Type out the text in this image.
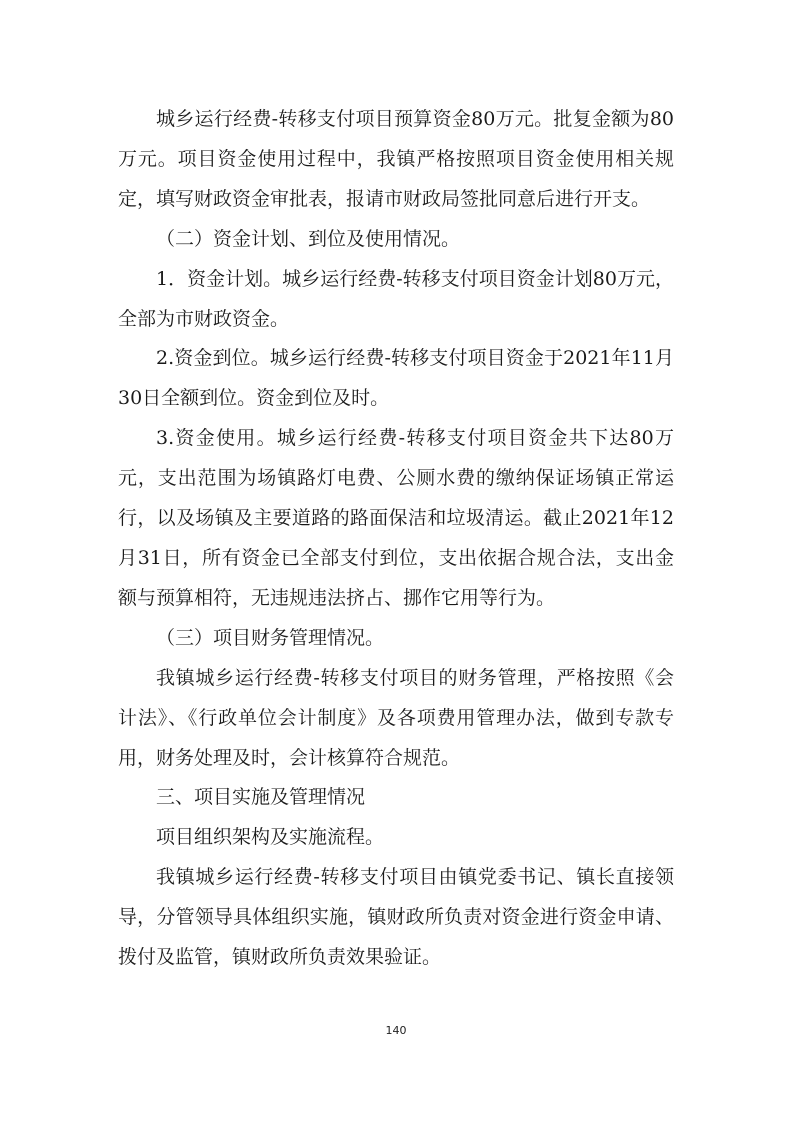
城乡运行经费-转移支付项目预算资金80万元。批复金额为80万元。项目资金使用过程中，我镇严格按照项目资金使用相关规定，填写财政资金审批表，报请市财政局签批同意后进行开支。

（二）资金计划、到位及使用情况。

1．资金计划。城乡运行经费-转移支付项目资金计划80万元，全部为市财政资金。

2.资金到位。城乡运行经费-转移支付项目资金于2021年11月30日全额到位。资金到位及时。

3.资金使用。城乡运行经费-转移支付项目资金共下达80万元，支出范围为场镇路灯电费、公厕水费的缴纳保证场镇正常运行，以及场镇及主要道路的路面保洁和垃圾清运。截止2021年12月31日，所有资金已全部支付到位，支出依据合规合法，支出金额与预算相符，无违规违法挤占、挪作它用等行为。

（三）项目财务管理情况。

我镇城乡运行经费-转移支付项目的财务管理，严格按照《会计法》、《行政单位会计制度》及各项费用管理办法，做到专款专用，财务处理及时，会计核算符合规范。

三、项目实施及管理情况

项目组织架构及实施流程。

我镇城乡运行经费-转移支付项目由镇党委书记、镇长直接领导，分管领导具体组织实施，镇财政所负责对资金进行资金申请、拨付及监管，镇财政所负责效果验证。

140
